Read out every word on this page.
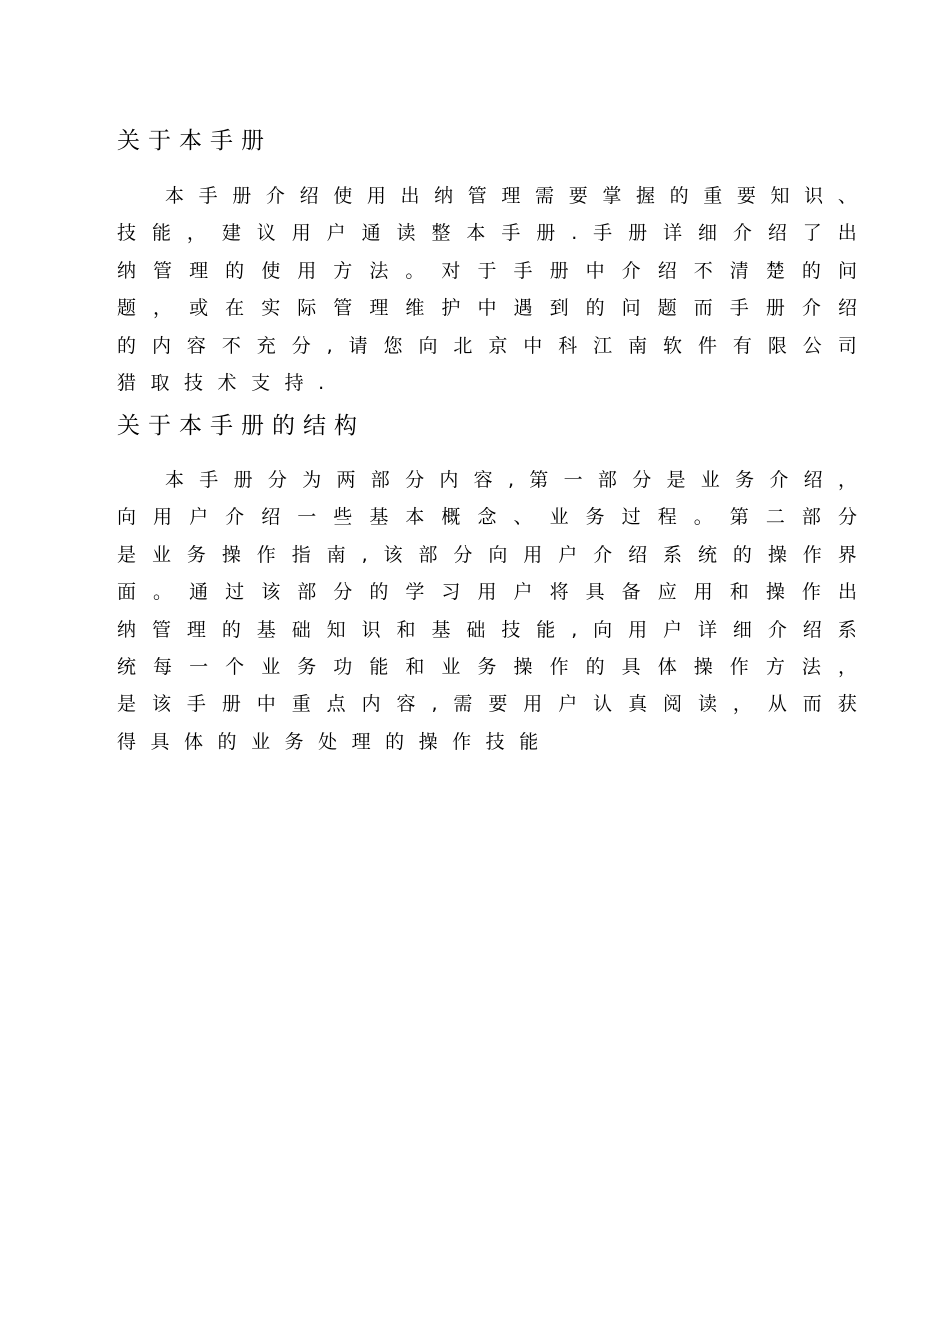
关于本手册
本 手 册 介 绍 使 用 出 纳 管 理 需 要 掌 握 的 重 要 知 识 、
技 能 ， 建 议 用 户 通 读 整 本 手 册 . 手 册 详 细 介 绍 了 出
纳 管 理 的 使 用 方 法 。 对 于 手 册 中 介 绍 不 清 楚 的 问
题 ， 或 在 实 际 管 理 维 护 中 遇 到 的 问 题 而 手 册 介 绍
的 内 容 不 充 分 , 请 您 向 北 京 中 科 江 南 软 件 有 限 公 司
猎 取 技 术 支 持 .
关于本手册的结构
本 手 册 分 为 两 部 分 内 容 , 第 一 部 分 是 业 务 介 绍 ，
向 用 户 介 绍 一 些 基 本 概 念 、 业 务 过 程 。 第 二 部 分
是 业 务 操 作 指 南 , 该 部 分 向 用 户 介 绍 系 统 的 操 作 界
面 。 通 过 该 部 分 的 学 习 用 户 将 具 备 应 用 和 操 作 出
纳 管 理 的 基 础 知 识 和 基 础 技 能 , 向 用 户 详 细 介 绍 系
统 每 一 个 业 务 功 能 和 业 务 操 作 的 具 体 操 作 方 法 ，
是 该 手 册 中 重 点 内 容 , 需 要 用 户 认 真 阅 读 ， 从 而 获
得 具 体 的 业 务 处 理 的 操 作 技 能
